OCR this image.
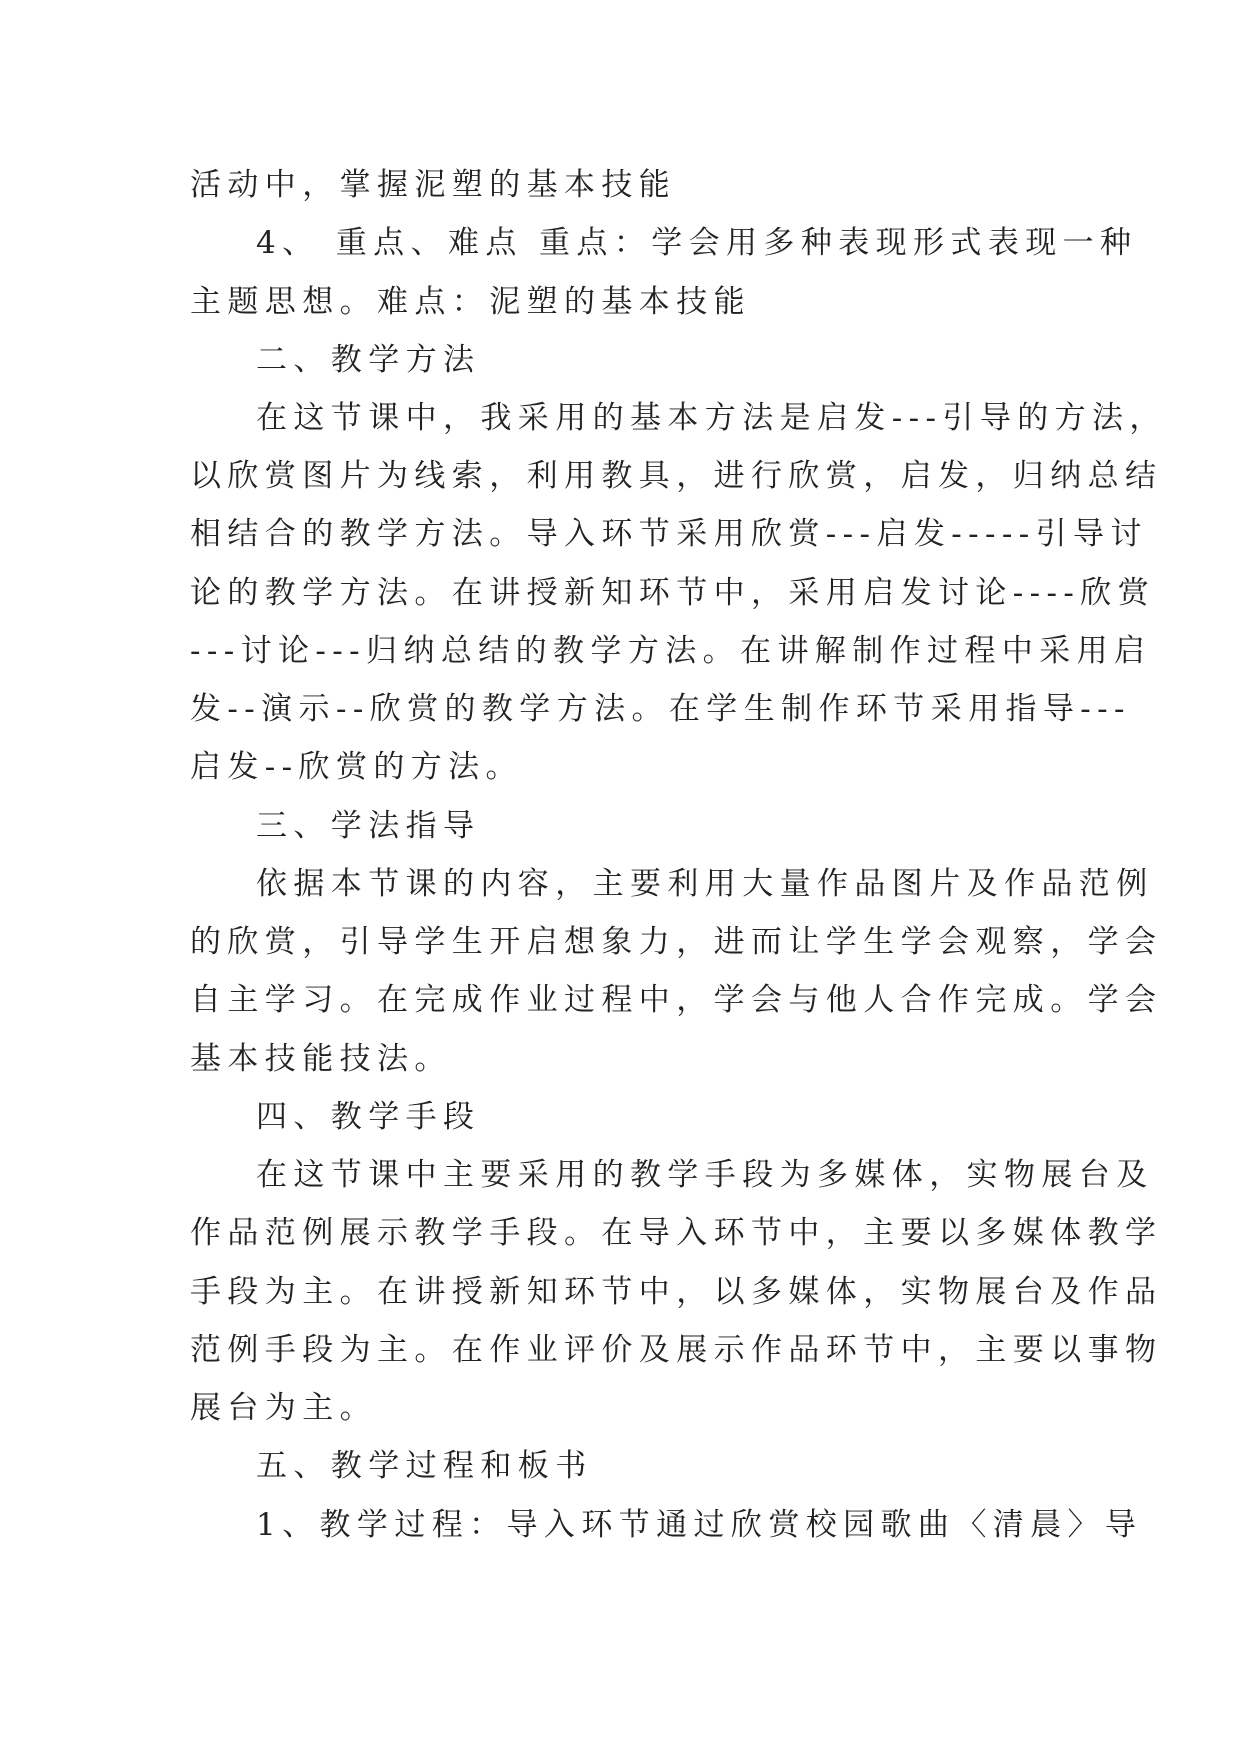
活动中，掌握泥塑的基本技能
4、 重点、难点 重点：学会用多种表现形式表现一种
主题思想。难点：泥塑的基本技能
二、教学方法
在这节课中，我采用的基本方法是启发---引导的方法，
以欣赏图片为线索，利用教具，进行欣赏，启发，归纳总结
相结合的教学方法。导入环节采用欣赏---启发-----引导讨
论的教学方法。在讲授新知环节中，采用启发讨论----欣赏
---讨论---归纳总结的教学方法。在讲解制作过程中采用启
发--演示--欣赏的教学方法。在学生制作环节采用指导---
启发--欣赏的方法。
三、学法指导
依据本节课的内容，主要利用大量作品图片及作品范例
的欣赏，引导学生开启想象力，进而让学生学会观察，学会
自主学习。在完成作业过程中，学会与他人合作完成。学会
基本技能技法。
四、教学手段
在这节课中主要采用的教学手段为多媒体，实物展台及
作品范例展示教学手段。在导入环节中，主要以多媒体教学
手段为主。在讲授新知环节中，以多媒体，实物展台及作品
范例手段为主。在作业评价及展示作品环节中，主要以事物
展台为主。
五、教学过程和板书
1、教学过程：导入环节通过欣赏校园歌曲〈清晨〉导
